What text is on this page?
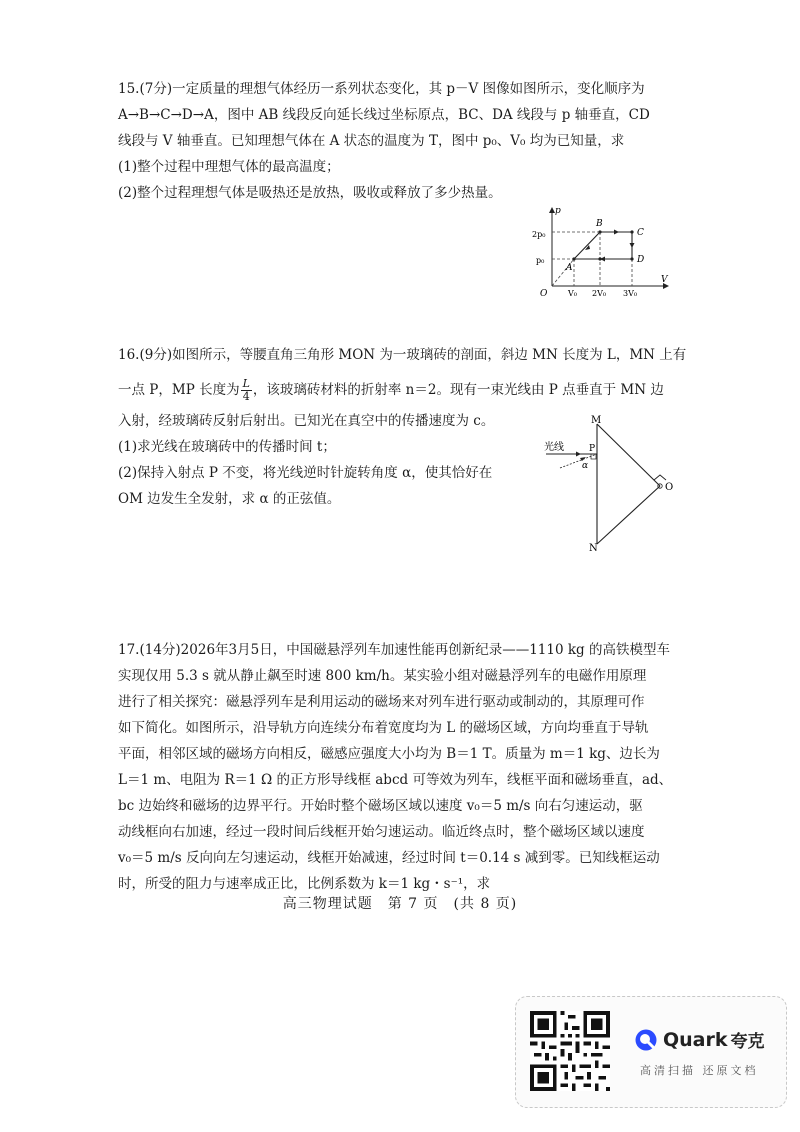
15.(7分)一定质量的理想气体经历一系列状态变化，其 p－V 图像如图所示，变化顺序为
A→B→C→D→A，图中 AB 线段反向延长线过坐标原点，BC、DA 线段与 p 轴垂直，CD
线段与 V 轴垂直。已知理想气体在 A 状态的温度为 T，图中 p₀、V₀ 均为已知量，求
(1)整个过程中理想气体的最高温度；
(2)整个过程理想气体是吸热还是放热，吸收或释放了多少热量。
p
V
O
2p₀
p₀
V₀ 2V₀ 3V₀
A
B
C
D
16.(9分)如图所示，等腰直角三角形 MON 为一玻璃砖的剖面，斜边 MN 长度为 L，MN 上有
一点 P，MP 长度为 $\frac{L}{4}$ ，该玻璃砖材料的折射率 n＝2。现有一束光线由 P 点垂直于 MN 边
入射，经玻璃砖反射后射出。已知光在真空中的传播速度为 c。
(1)求光线在玻璃砖中的传播时间 t；
(2)保持入射点 P 不变，将光线逆时针旋转角度 α，使其恰好在
OM 边发生全发射，求 α 的正弦值。
光线	P
α
M
N
O
17.(14分)2026年3月5日，中国磁悬浮列车加速性能再创新纪录——1110 kg 的高铁模型车
实现仅用 5.3 s 就从静止飙至时速 800 km/h。某实验小组对磁悬浮列车的电磁作用原理
进行了相关探究：磁悬浮列车是利用运动的磁场来对列车进行驱动或制动的，其原理可作
如下简化。如图所示，沿导轨方向连续分布着宽度均为 L 的磁场区域，方向均垂直于导轨
平面，相邻区域的磁场方向相反，磁感应强度大小均为 B＝1 T。质量为 m＝1 kg、边长为
L＝1 m、电阻为 R＝1 Ω 的正方形导线框 abcd 可等效为列车，线框平面和磁场垂直，ad、
bc 边始终和磁场的边界平行。开始时整个磁场区域以速度 v₀＝5 m/s 向右匀速运动，驱
动线框向右加速，经过一段时间后线框开始匀速运动。临近终点时，整个磁场区域以速度
v₀＝5 m/s 反向向左匀速运动，线框开始减速，经过时间 t＝0.14 s 减到零。已知线框运动
时，所受的阻力与速率成正比，比例系数为 k＝1 kg・s⁻¹，求
高三物理试题　第 7 页　(共 8 页)
Quark 夸克
高清扫描 还原文档
